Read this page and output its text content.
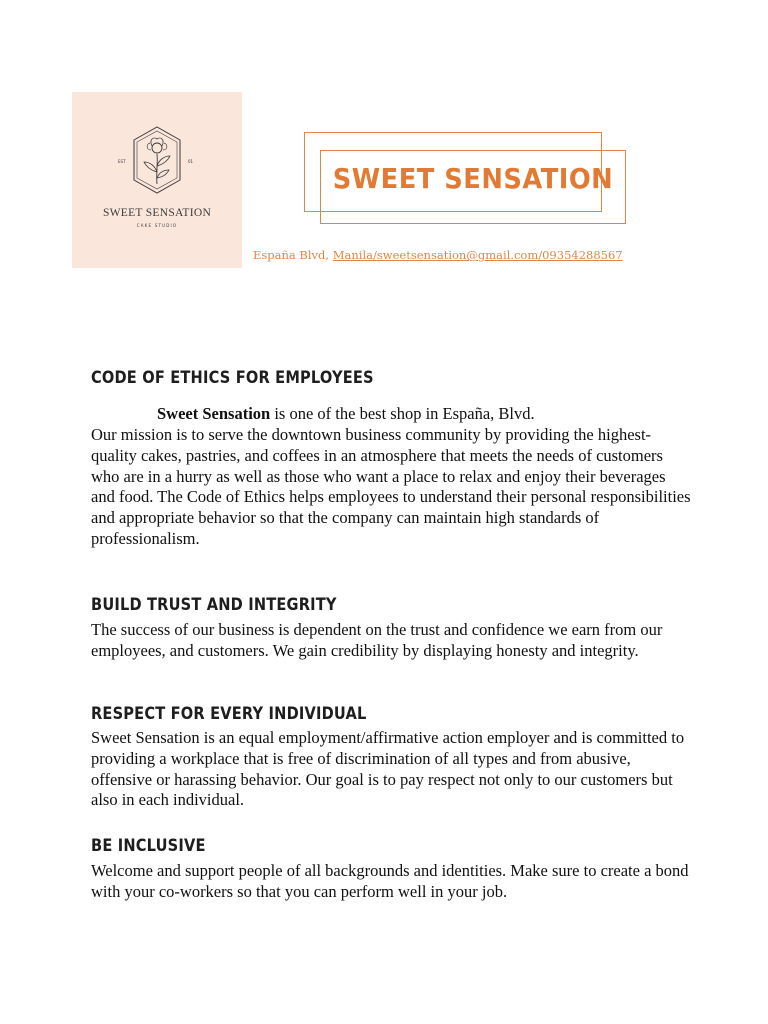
EST	01
SWEET SENSATION
CAKE STUDIO
SWEET SENSATION
España Blvd, Manila/sweetsensation@gmail.com/09354288567
CODE OF ETHICS FOR EMPLOYEES

Sweet Sensation is one of the best shop in España, Blvd.

Our mission is to serve the downtown business community by providing the highest-quality cakes, pastries, and coffees in an atmosphere that meets the needs of customers who are in a hurry as well as those who want a place to relax and enjoy their beverages and food. The Code of Ethics helps employees to understand their personal responsibilities and appropriate behavior so that the company can maintain high standards of professionalism.

BUILD TRUST AND INTEGRITY

The success of our business is dependent on the trust and confidence we earn from our employees, and customers. We gain credibility by displaying honesty and integrity.

RESPECT FOR EVERY INDIVIDUAL

Sweet Sensation is an equal employment/affirmative action employer and is committed to providing a workplace that is free of discrimination of all types and from abusive, offensive or harassing behavior. Our goal is to pay respect not only to our customers but also in each individual.

BE INCLUSIVE

Welcome and support people of all backgrounds and identities. Make sure to create a bond with your co-workers so that you can perform well in your job.
